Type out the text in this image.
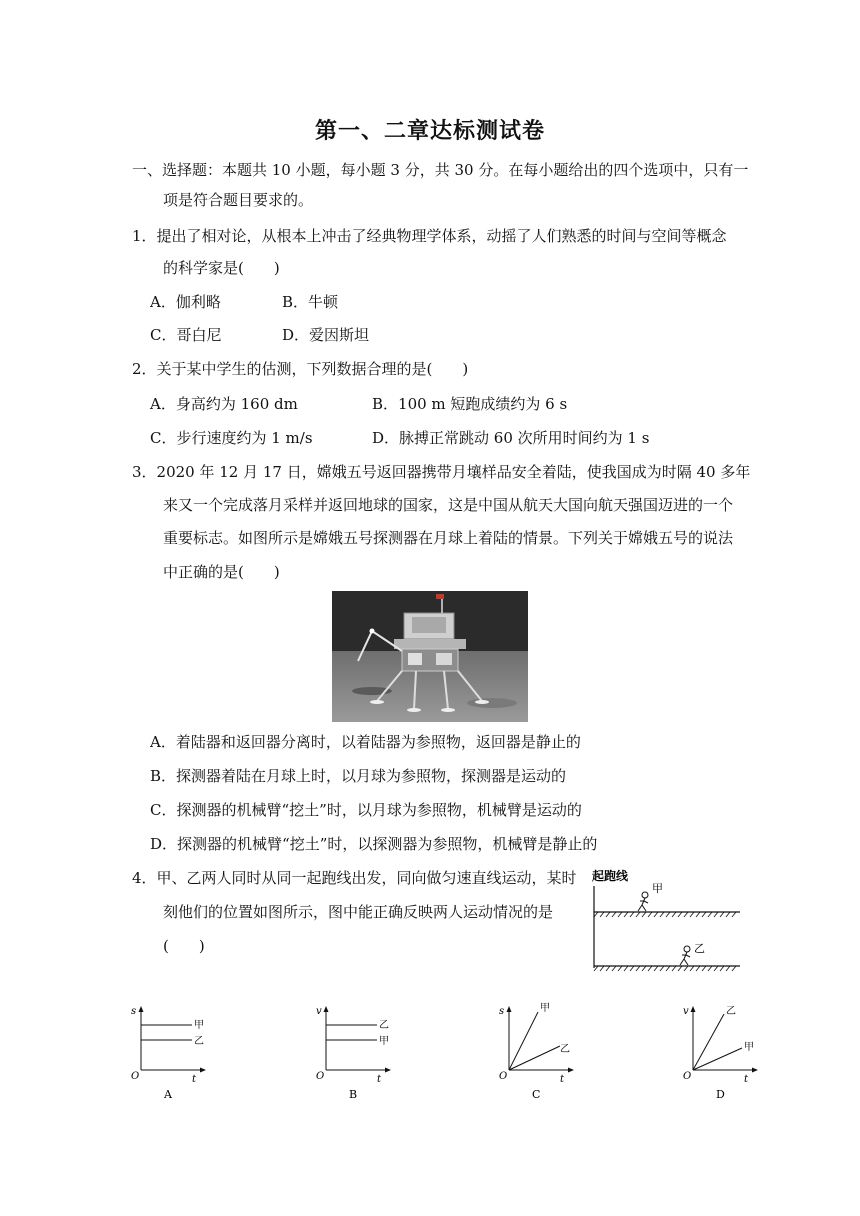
第一、二章达标测试卷
一、选择题：本题共 10 小题，每小题 3 分，共 30 分。在每小题给出的四个选项中，只有一
项是符合题目要求的。
1．提出了相对论，从根本上冲击了经典物理学体系，动摇了人们熟悉的时间与空间等概念
的科学家是(　　)
A．伽利略	B．牛顿
C．哥白尼	D．爱因斯坦
2．关于某中学生的估测，下列数据合理的是(　　)
A．身高约为 160 dm	B．100 m 短跑成绩约为 6 s
C．步行速度约为 1 m/s	D．脉搏正常跳动 60 次所用时间约为 1 s
3．2020 年 12 月 17 日，嫦娥五号返回器携带月壤样品安全着陆，使我国成为时隔 40 多年
来又一个完成落月采样并返回地球的国家，这是中国从航天大国向航天强国迈进的一个
重要标志。如图所示是嫦娥五号探测器在月球上着陆的情景。下列关于嫦娥五号的说法
中正确的是(　　)
A．着陆器和返回器分离时，以着陆器为参照物，返回器是静止的
B．探测器着陆在月球上时，以月球为参照物，探测器是运动的
C．探测器的机械臂“挖土”时，以月球为参照物，机械臂是运动的
D．探测器的机械臂“挖土”时，以探测器为参照物，机械臂是静止的
4．甲、乙两人同时从同一起跑线出发，同向做匀速直线运动，某时
刻他们的位置如图所示，图中能正确反映两人运动情况的是
(　　)
起跑线
甲
乙
s
t
O
甲
乙
A
v
t
O
乙
甲
B
s
t
O
甲
乙
C
v
t
O
乙
甲
D
